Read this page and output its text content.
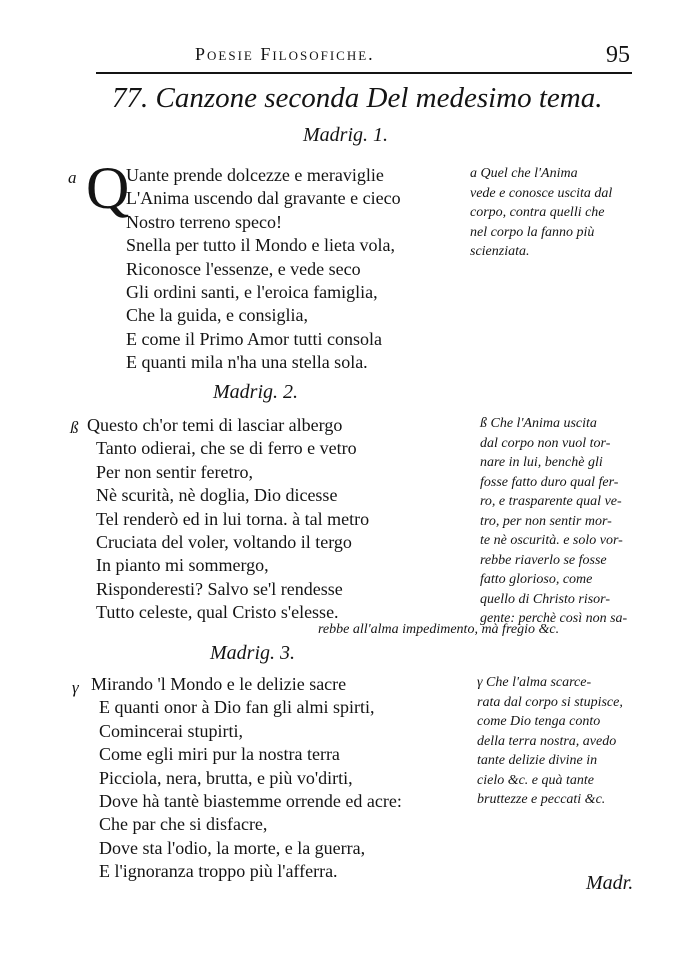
Poesie Filosofiche.	95
77. Canzone seconda Del medesimo tema.
Madrig. 1.
a Q
Uante prende dolcezze e meraviglie
L'Anima uscendo dal gravante e cieco
Nostro terreno speco!
Snella per tutto il Mondo e lieta vola,
Riconosce l'essenze, e vede seco
Gli ordini santi, e l'eroica famiglia,
Che la guida, e consiglia,
E come il Primo Amor tutti consola
E quanti mila n'ha una stella sola.
a Quel che l'Anima
vede e conosce uscita dal
corpo, contra quelli che
nel corpo la fanno più
scienziata.
Madrig. 2.
ß Questo ch'or temi di lasciar albergo
Tanto odierai, che se di ferro e vetro
Per non sentir feretro,
Nè scurità, nè doglia, Dio dicesse
Tel renderò ed in lui torna. à tal metro
Cruciata del voler, voltando il tergo
In pianto mi sommergo,
Risponderesti? Salvo se'l rendesse
Tutto celeste, qual Cristo s'elesse.
ß Che l'Anima uscita
dal corpo non vuol tor-
nare in lui, benchè gli
fosse fatto duro qual fer-
ro, e trasparente qual ve-
tro, per non sentir mor-
te nè oscurità. e solo vor-
rebbe riaverlo se fosse
fatto glorioso, come
quello di Christo risor-
gente: perchè così non sa-
rebbe all'alma impedimento, mà fregio &c.
Madrig. 3.
γ Mirando 'l Mondo e le delizie sacre
E quanti onor à Dio fan gli almi spirti,
Comincerai stupirti,
Come egli miri pur la nostra terra
Picciola, nera, brutta, e più vo'dirti,
Dove hà tantè biastemme orrende ed acre:
Che par che si disfacre,
Dove sta l'odio, la morte, e la guerra,
E l'ignoranza troppo più l'afferra.
γ Che l'alma scarce-
rata dal corpo si stupisce,
come Dio tenga conto
della terra nostra, avedo
tante delizie divine in
cielo &c. e quà tante
bruttezze e peccati &c.
Madr.
